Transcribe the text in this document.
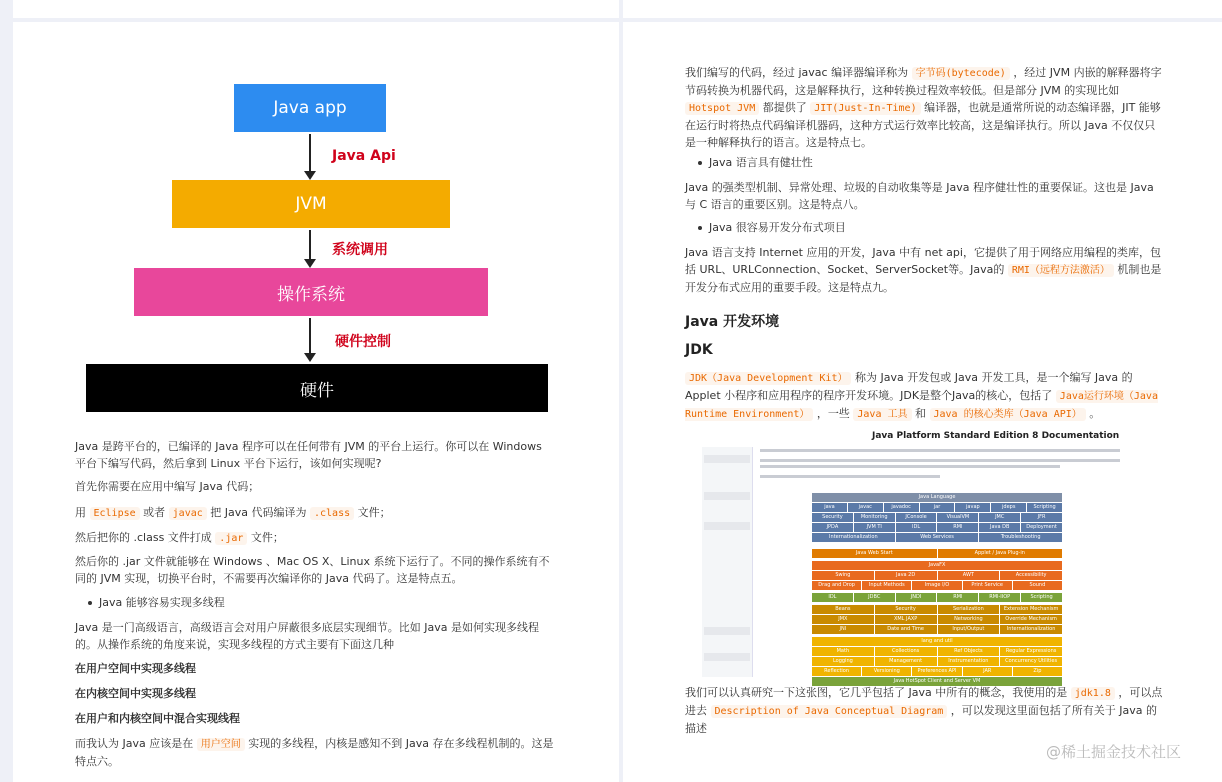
Java app
Java Api
JVM
系统调用
操作系统
硬件控制
硬件
Java 是跨平台的，已编译的 Java 程序可以在任何带有 JVM 的平台上运行。你可以在 Windows 平台下编写代码，然后拿到 Linux 平台下运行，该如何实现呢?
首先你需要在应用中编写 Java 代码；
用 Eclipse 或者 javac 把 Java 代码编译为 .class 文件；
然后把你的 .class 文件打成 .jar 文件；
然后你的 .jar 文件就能够在 Windows 、Mac OS X、Linux 系统下运行了。不同的操作系统有不同的 JVM 实现，切换平台时，不需要再次编译你的 Java 代码了。这是特点五。
Java 能够容易实现多线程
Java 是一门高级语言，高级语言会对用户屏蔽很多底层实现细节。比如 Java 是如何实现多线程的。从操作系统的角度来说，实现多线程的方式主要有下面这几种
在用户空间中实现多线程
在内核空间中实现多线程
在用户和内核空间中混合实现线程
而我认为 Java 应该是在 用户空间 实现的多线程，内核是感知不到 Java 存在多线程机制的。这是特点六。
我们编写的代码，经过 javac 编译器编译称为 字节码(bytecode) ，经过 JVM 内嵌的解释器将字节码转换为机器代码，这是解释执行，这种转换过程效率较低。但是部分 JVM 的实现比如 Hotspot JVM 都提供了 JIT(Just-In-Time) 编译器，也就是通常所说的动态编译器，JIT 能够在运行时将热点代码编译机器码，这种方式运行效率比较高，这是编译执行。所以 Java 不仅仅只是一种解释执行的语言。这是特点七。
Java 语言具有健壮性
Java 的强类型机制、异常处理、垃圾的自动收集等是 Java 程序健壮性的重要保证。这也是 Java 与 C 语言的重要区别。这是特点八。
Java 很容易开发分布式项目
Java 语言支持 Internet 应用的开发，Java 中有 net api，它提供了用于网络应用编程的类库，包括 URL、URLConnection、Socket、ServerSocket等。Java的 RMI（远程方法激活） 机制也是开发分布式应用的重要手段。这是特点九。
Java 开发环境
JDK
JDK（Java Development Kit） 称为 Java 开发包或 Java 开发工具，是一个编写 Java 的 Applet 小程序和应用程序的程序开发环境。JDK是整个Java的核心，包括了 Java运行环境（Java Runtime Environment） ，一些 Java 工具 和 Java 的核心类库（Java API） 。
Java Platform Standard Edition 8 Documentation
Java Language
java	javac	javadoc	jar	javap	jdeps	Scripting
Security	Monitoring	JConsole	VisualVM	JMC	JFR
JPDA	JVM TI	IDL	RMI	Java DB	Deployment
Internationalization	Web Services	Troubleshooting
Java Web Start	Applet / Java Plug-in
JavaFX
Swing	Java 2D	AWT	Accessibility
Drag and Drop	Input Methods	Image I/O	Print Service	Sound
IDL	JDBC	JNDI	RMI	RMI-IIOP	Scripting
Beans	Security	Serialization	Extension Mechanism
JMX	XML JAXP	Networking	Override Mechanism
JNI	Date and Time	Input/Output	Internationalization
lang and util
Math	Collections	Ref Objects	Regular Expressions
Logging	Management	Instrumentation	Concurrency Utilities
Reflection	Versioning	Preferences API	JAR	Zip
Java HotSpot Client and Server VM
我们可以认真研究一下这张图，它几乎包括了 Java 中所有的概念，我使用的是 jdk1.8 ，可以点进去 Description of Java Conceptual Diagram ，可以发现这里面包括了所有关于 Java 的描述
@稀土掘金技术社区
